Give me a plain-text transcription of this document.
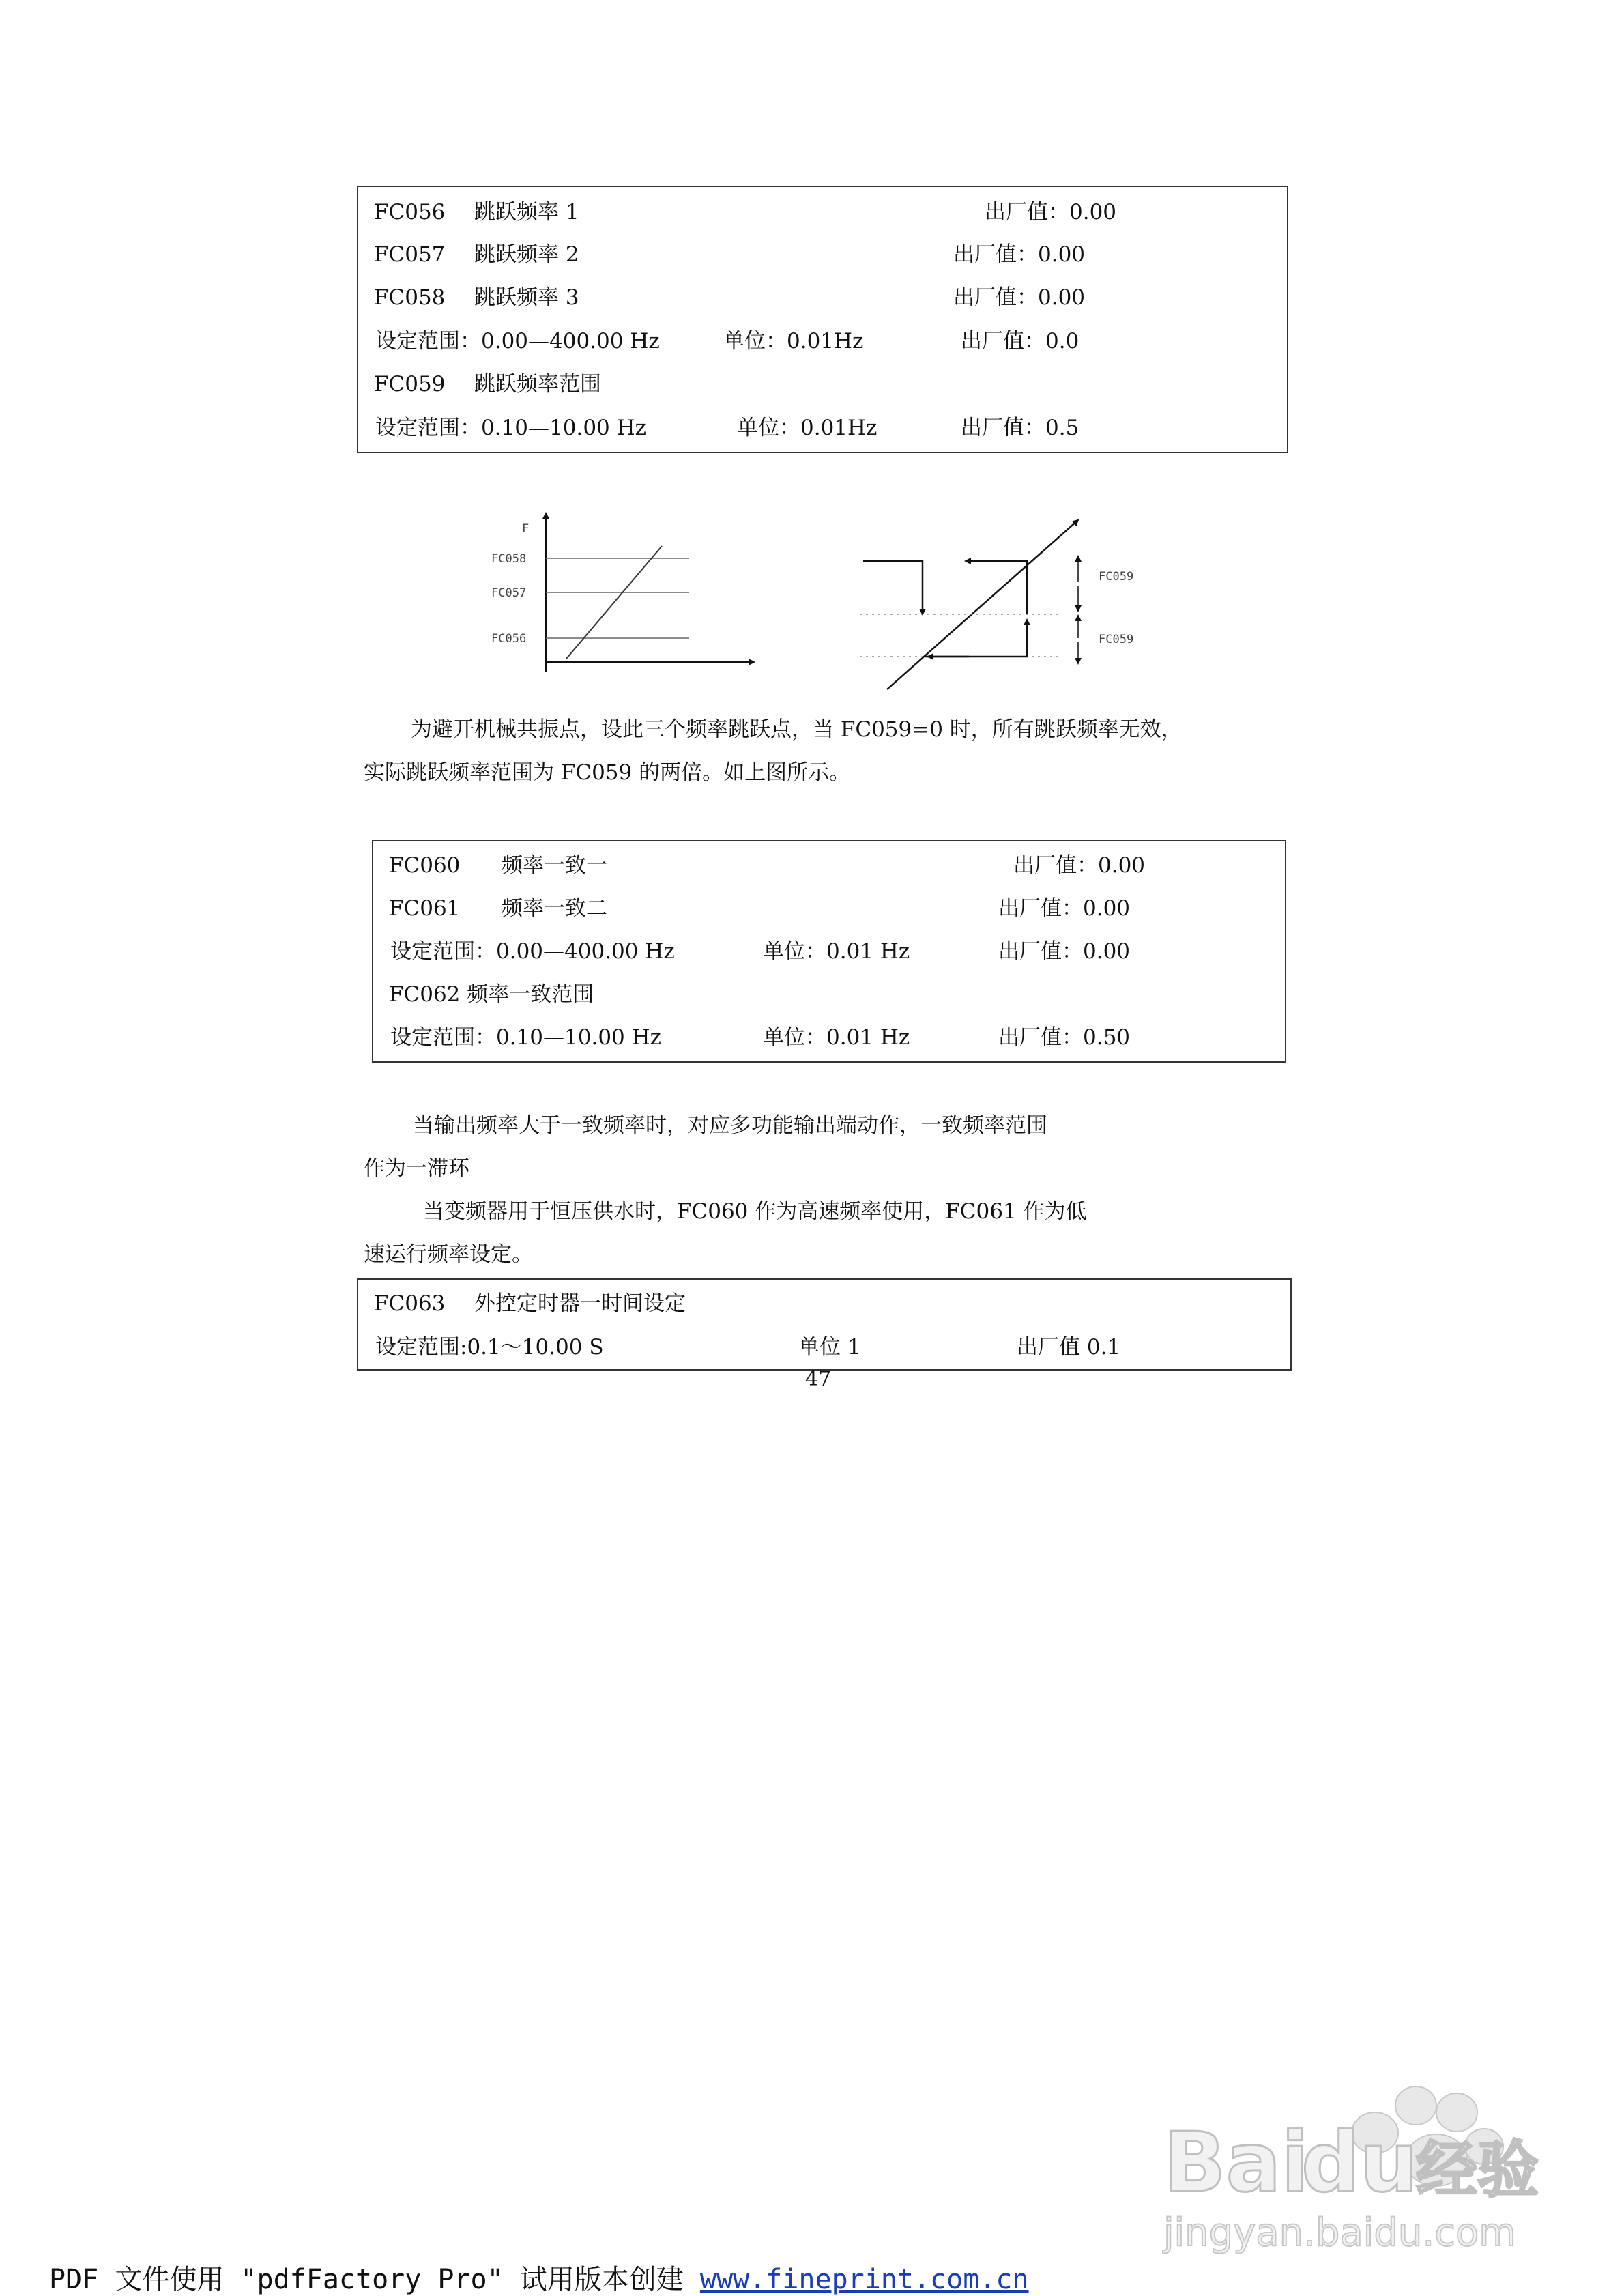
FC056 跳跃频率 1	出厂值：0.00
FC057 跳跃频率 2	出厂值：0.00
FC058 跳跃频率 3	出厂值：0.00
设定范围：0.00—400.00 Hz	单位：0.01Hz	出厂值：0.0
FC059 跳跃频率范围
设定范围：0.10—10.00 Hz	单位：0.01Hz	出厂值：0.5
F
FC058
FC057
FC056
FC059
FC059
为避开机械共振点，设此三个频率跳跃点，当 FC059=0 时，所有跳跃频率无效，
实际跳跃频率范围为 FC059 的两倍。如上图所示。
FC060 频率一致一	出厂值：0.00
FC061 频率一致二	出厂值：0.00
设定范围：0.00—400.00 Hz	单位：0.01 Hz	出厂值：0.00
FC062 频率一致范围
设定范围：0.10—10.00 Hz	单位：0.01 Hz	出厂值：0.50
当输出频率大于一致频率时，对应多功能输出端动作，一致频率范围
作为一滞环
当变频器用于恒压供水时，FC060 作为高速频率使用，FC061 作为低
速运行频率设定。
FC063 外控定时器一时间设定
设定范围:0.1～10.00 S	单位 1	出厂值 0.1
47
Bai
du
经验
jingyan.baidu.com
PDF 文件使用 "pdfFactory Pro" 试用版本创建 www.fineprint.com.cn
